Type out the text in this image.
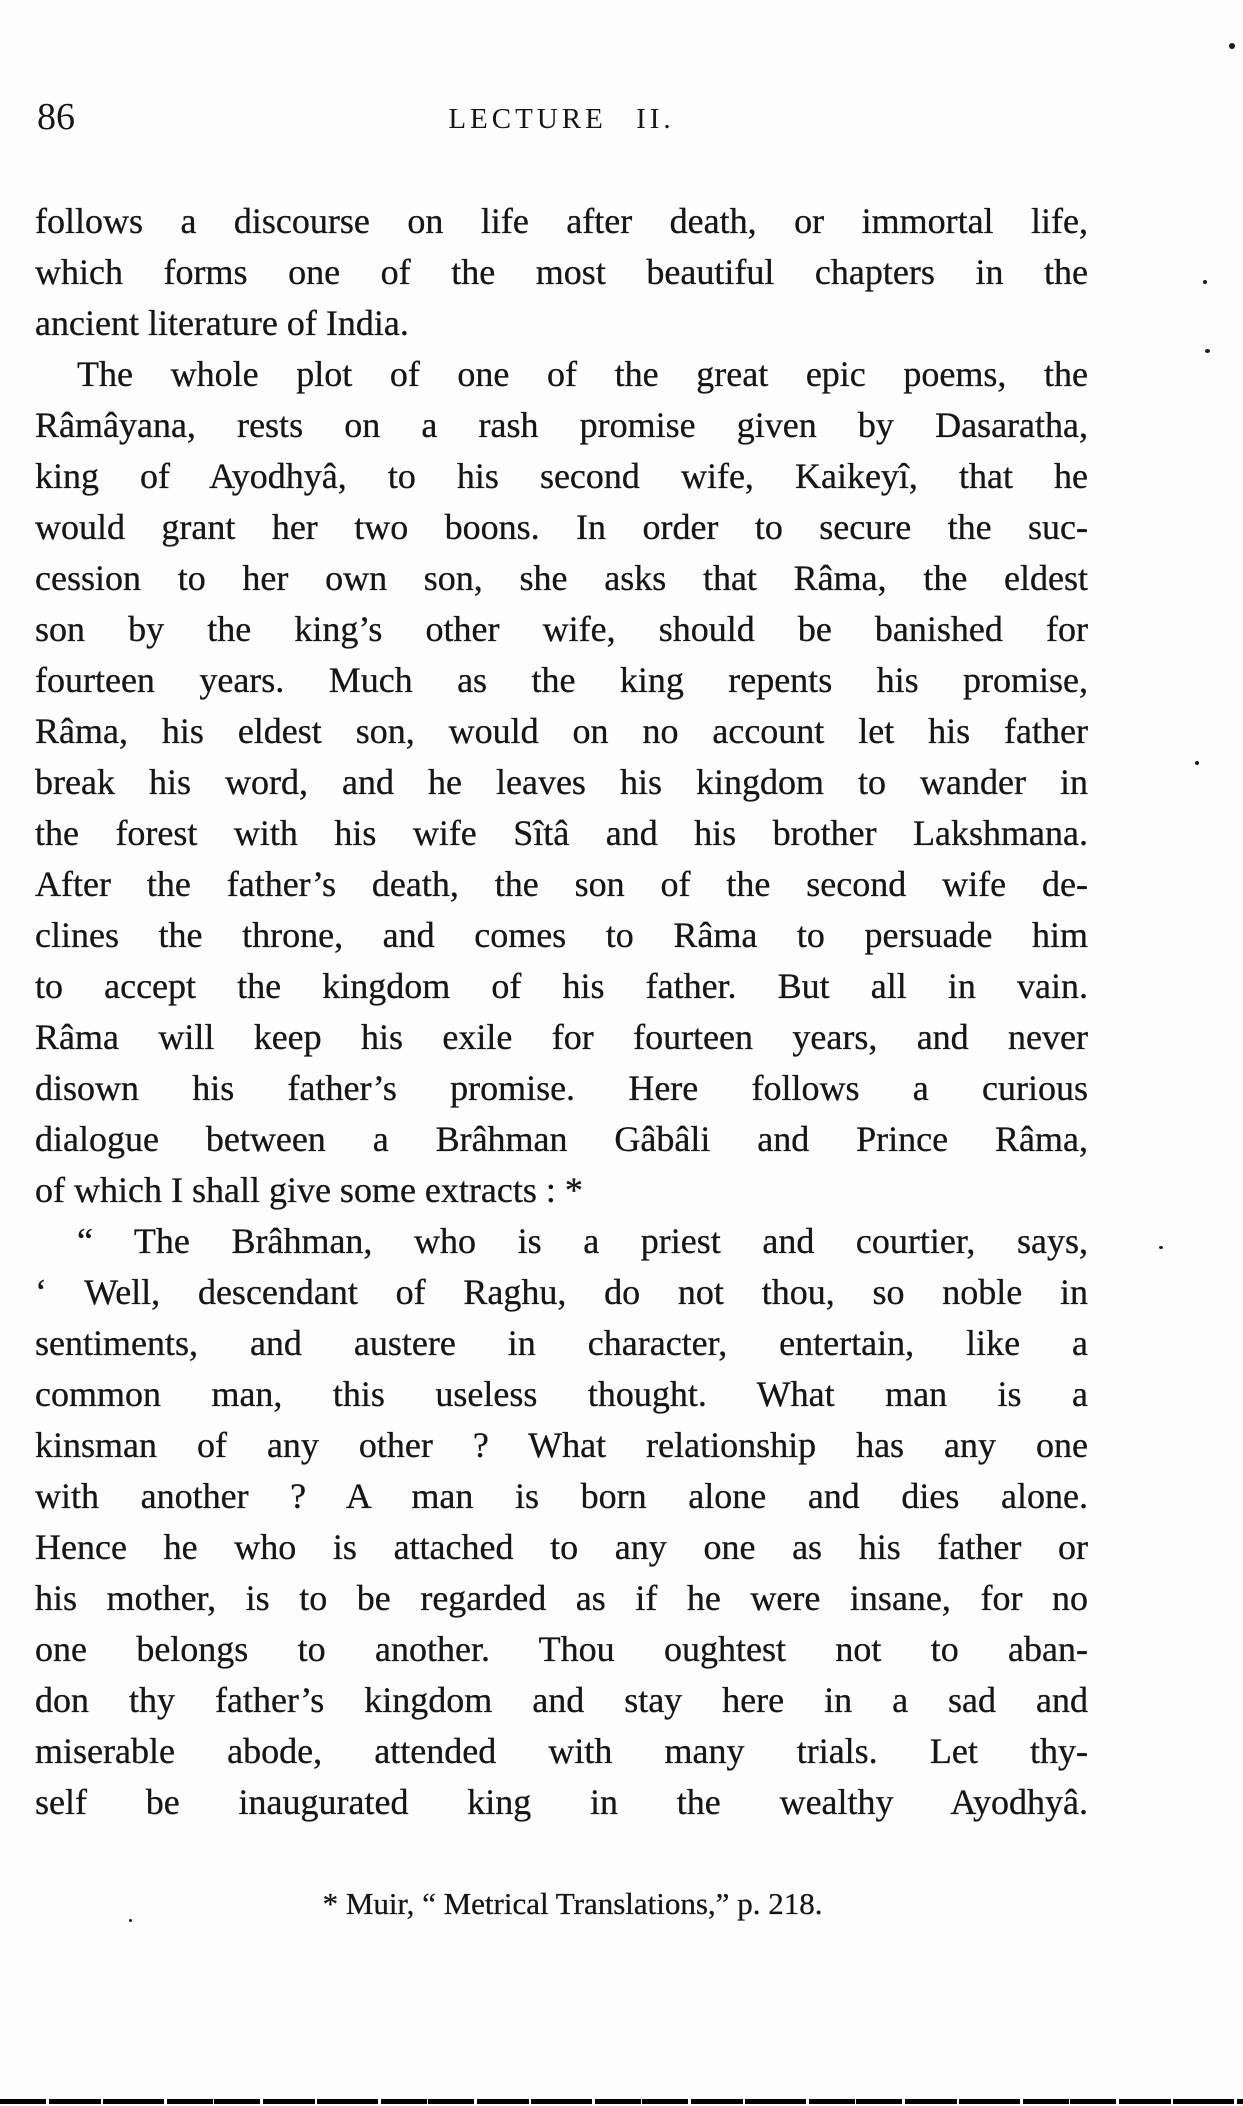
86	LECTURE II.
follows a discourse on life after death, or immortal life,
which forms one of the most beautiful chapters in the
ancient literature of India.
The whole plot of one of the great epic poems, the
Râmâyana, rests on a rash promise given by Dasaratha,
king of Ayodhyâ, to his second wife, Kaikeyî, that he
would grant her two boons. In order to secure the suc-
cession to her own son, she asks that Râma, the eldest
son by the king’s other wife, should be banished for
fourteen years. Much as the king repents his promise,
Râma, his eldest son, would on no account let his father
break his word, and he leaves his kingdom to wander in
the forest with his wife Sîtâ and his brother Lakshmana.
After the father’s death, the son of the second wife de-
clines the throne, and comes to Râma to persuade him
to accept the kingdom of his father. But all in vain.
Râma will keep his exile for fourteen years, and never
disown his father’s promise. Here follows a curious
dialogue between a Brâhman Gâbâli and Prince Râma,
of which I shall give some extracts : *
“ The Brâhman, who is a priest and courtier, says,
‘ Well, descendant of Raghu, do not thou, so noble in
sentiments, and austere in character, entertain, like a
common man, this useless thought. What man is a
kinsman of any other ? What relationship has any one
with another ? A man is born alone and dies alone.
Hence he who is attached to any one as his father or
his mother, is to be regarded as if he were insane, for no
one belongs to another. Thou oughtest not to aban-
don thy father’s kingdom and stay here in a sad and
miserable abode, attended with many trials. Let thy-
self be inaugurated king in the wealthy Ayodhyâ.
* Muir, “ Metrical Translations,” p. 218.
